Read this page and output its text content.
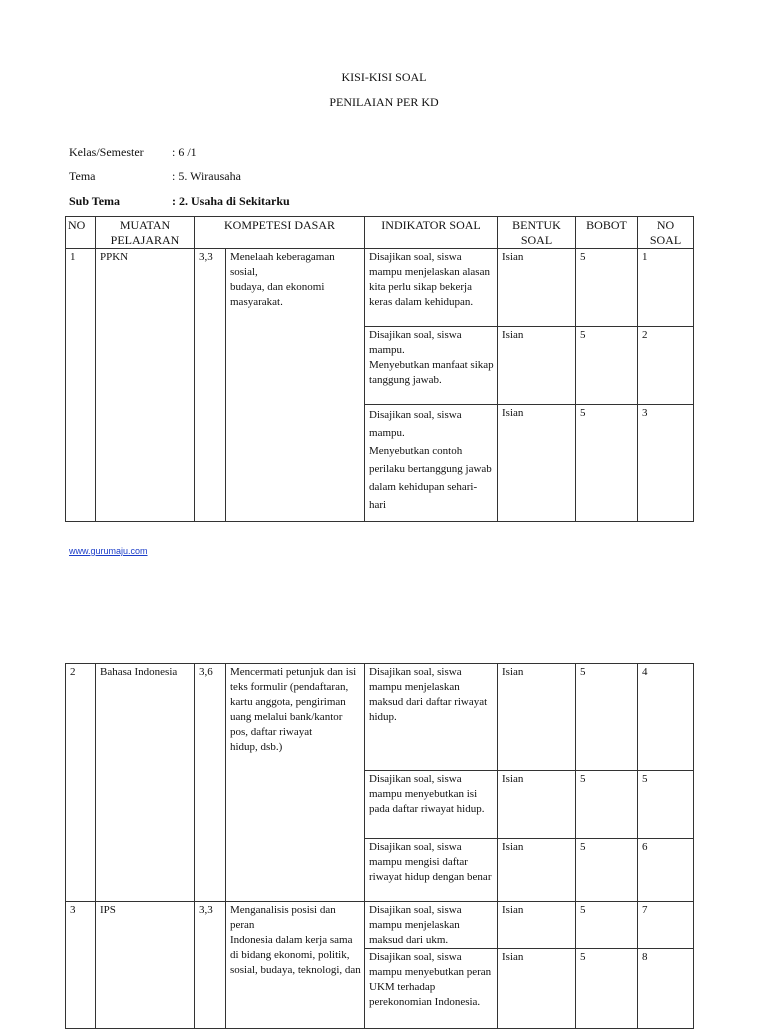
KISI-KISI SOAL
PENILAIAN PER KD
Kelas/Semester : 6 /1
Tema	: 5. Wirausaha
Sub Tema	: 2. Usaha di Sekitarku
NO	MUATAN PELAJARAN	KOMPETESI DASAR		INDIKATOR SOAL	BENTUK SOAL	BOBOT	NO SOAL
1	PPKN	3,3	Menelaah keberagaman sosial,
budaya, dan ekonomi masyarakat.	Disajikan soal, siswa mampu menjelaskan alasan kita perlu sikap bekerja keras dalam kehidupan.	Isian	5	1
				Disajikan soal, siswa mampu.
Menyebutkan manfaat sikap tanggung jawab.	Isian	5	2
				Disajikan soal, siswa mampu.
Menyebutkan contoh perilaku bertanggung jawab dalam kehidupan sehari-hari	Isian	5	3
www.gurumaju.com
2	Bahasa Indonesia	3,6	Mencermati petunjuk dan isi
teks formulir (pendaftaran, kartu anggota, pengiriman uang melalui bank/kantor pos, daftar riwayat
hidup, dsb.)	Disajikan soal, siswa mampu menjelaskan maksud dari daftar riwayat hidup.	Isian	5	4
				Disajikan soal, siswa mampu menyebutkan isi pada daftar riwayat hidup.	Isian	5	5
				Disajikan soal, siswa mampu mengisi daftar riwayat hidup dengan benar	Isian	5	6
3	IPS	3,3	Menganalisis posisi dan peran
Indonesia dalam kerja sama
di bidang ekonomi, politik,
sosial, budaya, teknologi, dan	Disajikan soal, siswa mampu menjelaskan maksud dari ukm.	Isian	5	7
				Disajikan soal, siswa mampu menyebutkan peran UKM terhadap perekonomian Indonesia.	Isian	5	8
